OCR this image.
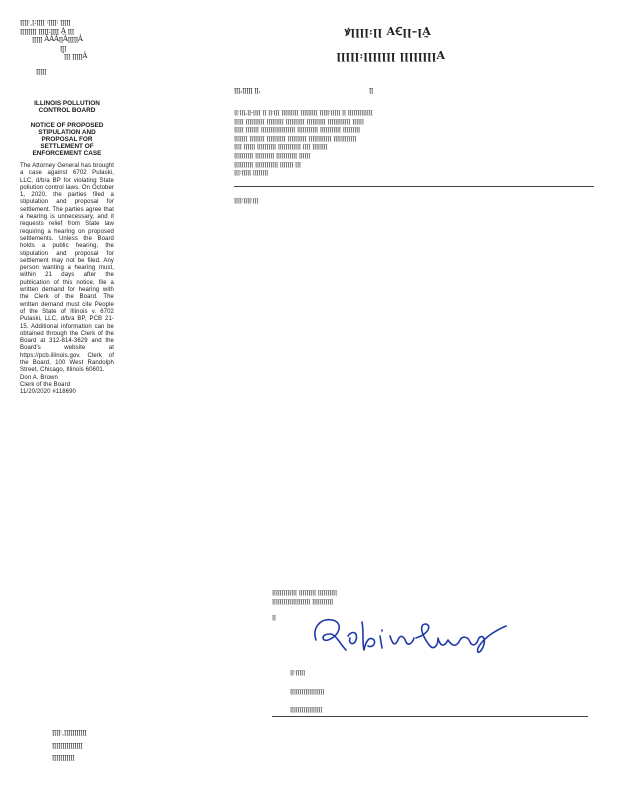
ꞁꞁꞁꞁ꞉ꞈꞁ:ꞁꞁꞁꞁ ꞉ꞁꞁꞁꞁ꞉ ꞁꞁꞁꞁꞁ
ꞁꞁꞁꞁꞁꞁꞁꞁ ꞁꞁꞁꞁꞁ:ꞁꞁꞁꞁ A̰ ꞁꞁꞁ
ꞁꞁꞁꞁꞁ ȦȦȦꞁꞁȦꞁꞁꞁꞁꞁȦ
ꞁꞁ̰ꞁ
ꞁꞁꞁ ꞁꞁꞁꞁꞁȦ
ꞁꞁꞁꞁꞁ
ILLINOIS POLLUTION CONTROL BOARD
NOTICE OF PROPOSED STIPULATION AND PROPOSAL FOR SETTLEMENT OF ENFORCEMENT CASE
The Attorney General has brought a case against 6702 Pulaski, LLC, d/b/a BP for violating State pollution control laws. On October 1, 2020, the parties filed a stipulation and proposal for settlement. The parties agree that a hearing is unnecessary, and it requests relief from State law requiring a hearing on proposed settlements. Unless the Board holds a public hearing, the stipulation and proposal for settlement may not be filed. Any person wanting a hearing must, within 21 days after the publication of this notice, file a written demand for hearing with the Clerk of the Board. The written demand must cite People of the State of Illinois v. 6702 Pulaski, LLC, d/b/a BP, PCB 21-15. Additional information can be obtained through the Clerk of the Board at 312-814-3629 and the Board's website at https://pcb.illinois.gov. Clerk of the Board, 100 West Randolph Street, Chicago, Illinois 60601.
Don A. Brown
Clerk of the Board
11/20/2020 #118690
ꝟꞁꞁꞁꞁ꞉ꞁꞁ AꞒꞁꞁ–ꞁA̰
ꞁꞁꞁꞁꞁ꞉ꞁꞁꞁꞁꞁꞁꞁ ꞁꞁꞁꞁꞁꞁꞁꞁA
ꞁꞁꞁ,ꞁꞁꞁꞁꞁ ꞁꞁ,	ꞁꞁ
ꞁꞁ꞉ꞁꞁꞁ,ꞁꞁ-ꞁꞁꞁꞁ ꞁꞁ ꞁꞁ꞉ꞁꞁꞁ ꞁꞁꞁꞁꞁꞁꞁꞁꞁ ꞁꞁꞁꞁꞁꞁꞁꞁꞁ ꞁꞁꞁꞁꞁ꞉ꞁꞁꞁꞁꞁ ꞁꞁ ꞁꞁꞁꞁꞁꞁꞁꞁꞁꞁꞁꞁꞁ
ꞁꞁꞁꞁꞁ ꞁꞁꞁꞁꞁꞁꞁꞁꞁꞁ ꞁꞁꞁꞁꞁꞁꞁꞁꞁ ꞁꞁꞁꞁꞁꞁꞁꞁꞁꞁ ꞁꞁꞁꞁꞁꞁꞁꞁꞁꞁ ꞁꞁꞁꞁꞁꞁꞁꞁꞁꞁꞁꞁ ꞁꞁꞁꞁꞁꞁ
ꞁꞁꞁꞁꞁ ꞁꞁꞁꞁꞁꞁꞁ ꞁꞁꞁꞁꞁꞁꞁꞁꞁꞁꞁꞁꞁꞁꞁꞁꞁꞁ ꞁꞁꞁꞁꞁꞁꞁꞁꞁꞁꞁ ꞁꞁꞁꞁꞁꞁꞁꞁꞁꞁꞁ ꞁꞁꞁꞁꞁꞁꞁꞁꞁ
ꞁꞁꞁꞁꞁꞁꞁ ꞁꞁꞁꞁꞁꞁꞁꞁ ꞁꞁꞁꞁꞁꞁꞁꞁꞁꞁ ꞁꞁꞁꞁꞁꞁꞁꞁꞁꞁ ꞁꞁꞁꞁꞁꞁꞁꞁꞁꞁꞁꞁ ꞁꞁꞁꞁꞁꞁꞁꞁꞁꞁꞁꞁ
ꞁꞁꞁꞁ ꞁꞁꞁꞁꞁꞁ ꞁꞁꞁꞁꞁꞁꞁꞁꞁꞁ ꞁꞁꞁꞁꞁꞁꞁꞁꞁꞁꞁꞁ ꞁꞁꞁꞁ ꞁꞁꞁꞁꞁꞁꞁꞁ
ꞁꞁꞁꞁꞁꞁꞁꞁꞁꞁ ꞁꞁꞁꞁꞁꞁꞁꞁꞁꞁ ꞁꞁꞁꞁꞁꞁꞁꞁꞁꞁꞁ ꞁꞁꞁꞁꞁꞁ
ꞁꞁꞁꞁꞁꞁꞁꞁꞁꞁ ꞁꞁꞁꞁꞁꞁꞁꞁꞁꞁꞁꞁ ꞁꞁꞁꞁꞁꞁꞁ ꞁꞁꞁ
ꞁꞁꞁ꞉ꞁꞁꞁꞁꞁ ꞁꞁꞁꞁꞁꞁꞁꞁ
ꞁꞁꞁꞁ꞉ꞁꞁꞁꞁ꞉ꞁꞁꞁ
ꞁꞁꞁꞁꞁꞁꞁꞁꞁꞁꞁꞁꞁ ꞁꞁꞁꞁꞁꞁꞁꞁꞁ ꞁꞁꞁꞁꞁꞁꞁꞁꞁꞁ
ꞁꞁꞁꞁꞁꞁꞁꞁꞁꞁꞁꞁꞁꞁꞁꞁꞁꞁꞁꞁ ꞁꞁꞁꞁꞁꞁꞁꞁꞁꞁꞁ
ꞁꞁ
ꞁꞁ꞉ꞁꞁꞁꞁꞁ
ꞁꞁꞁꞁꞁꞁꞁꞁꞁꞁꞁꞁꞁꞁꞁꞁꞁꞁ
ꞁꞁꞁꞁꞁꞁꞁꞁꞁꞁꞁꞁꞁꞁꞁꞁꞁ
ꞁꞁꞁꞁ꞉ꞈꞁꞁꞁꞁꞁꞁꞁꞁꞁꞁꞁ
ꞁꞁꞁꞁꞁꞁꞁꞁꞁꞁꞁꞁꞁꞁꞁ
ꞁꞁꞁꞁꞁꞁꞁꞁꞁꞁꞁ
